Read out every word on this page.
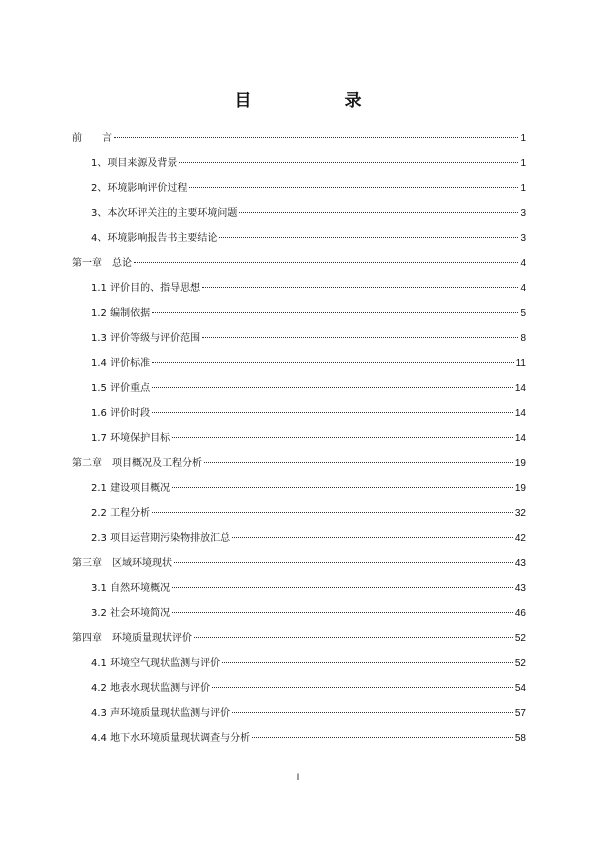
目　录
前　　言	1
1、项目来源及背景	1
2、环境影响评价过程	1
3、本次环评关注的主要环境问题	3
4、环境影响报告书主要结论	3
第一章　总论	4
1.1 评价目的、指导思想	4
1.2 编制依据	5
1.3 评价等级与评价范围	8
1.4 评价标准	11
1.5 评价重点	14
1.6 评价时段	14
1.7 环境保护目标	14
第二章　项目概况及工程分析	19
2.1 建设项目概况	19
2.2 工程分析	32
2.3 项目运营期污染物排放汇总	42
第三章　区域环境现状	43
3.1 自然环境概况	43
3.2 社会环境简况	46
第四章　环境质量现状评价	52
4.1 环境空气现状监测与评价	52
4.2 地表水现状监测与评价	54
4.3 声环境质量现状监测与评价	57
4.4 地下水环境质量现状调查与分析	58
I
